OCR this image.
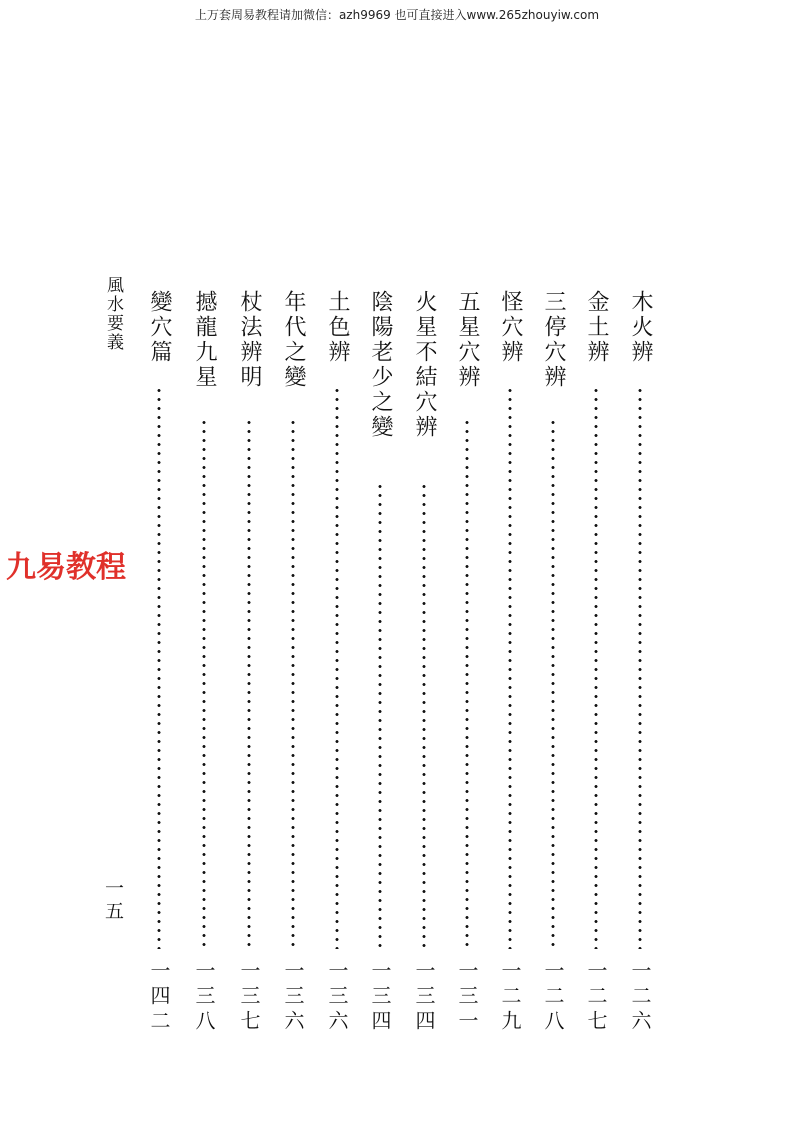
上万套周易教程请加微信：azh9969 也可直接进入www.265zhouyiw.com
九易教程
風水要義
一五
木火辨
一二六
金土辨
一二七
三停穴辨
一二八
怪穴辨
一二九
五星穴辨
一三一
火星不結穴辨
一三四
陰陽老少之變
一三四
土色辨
一三六
年代之變
一三六
杖法辨明
一三七
撼龍九星
一三八
變穴篇
一四二
